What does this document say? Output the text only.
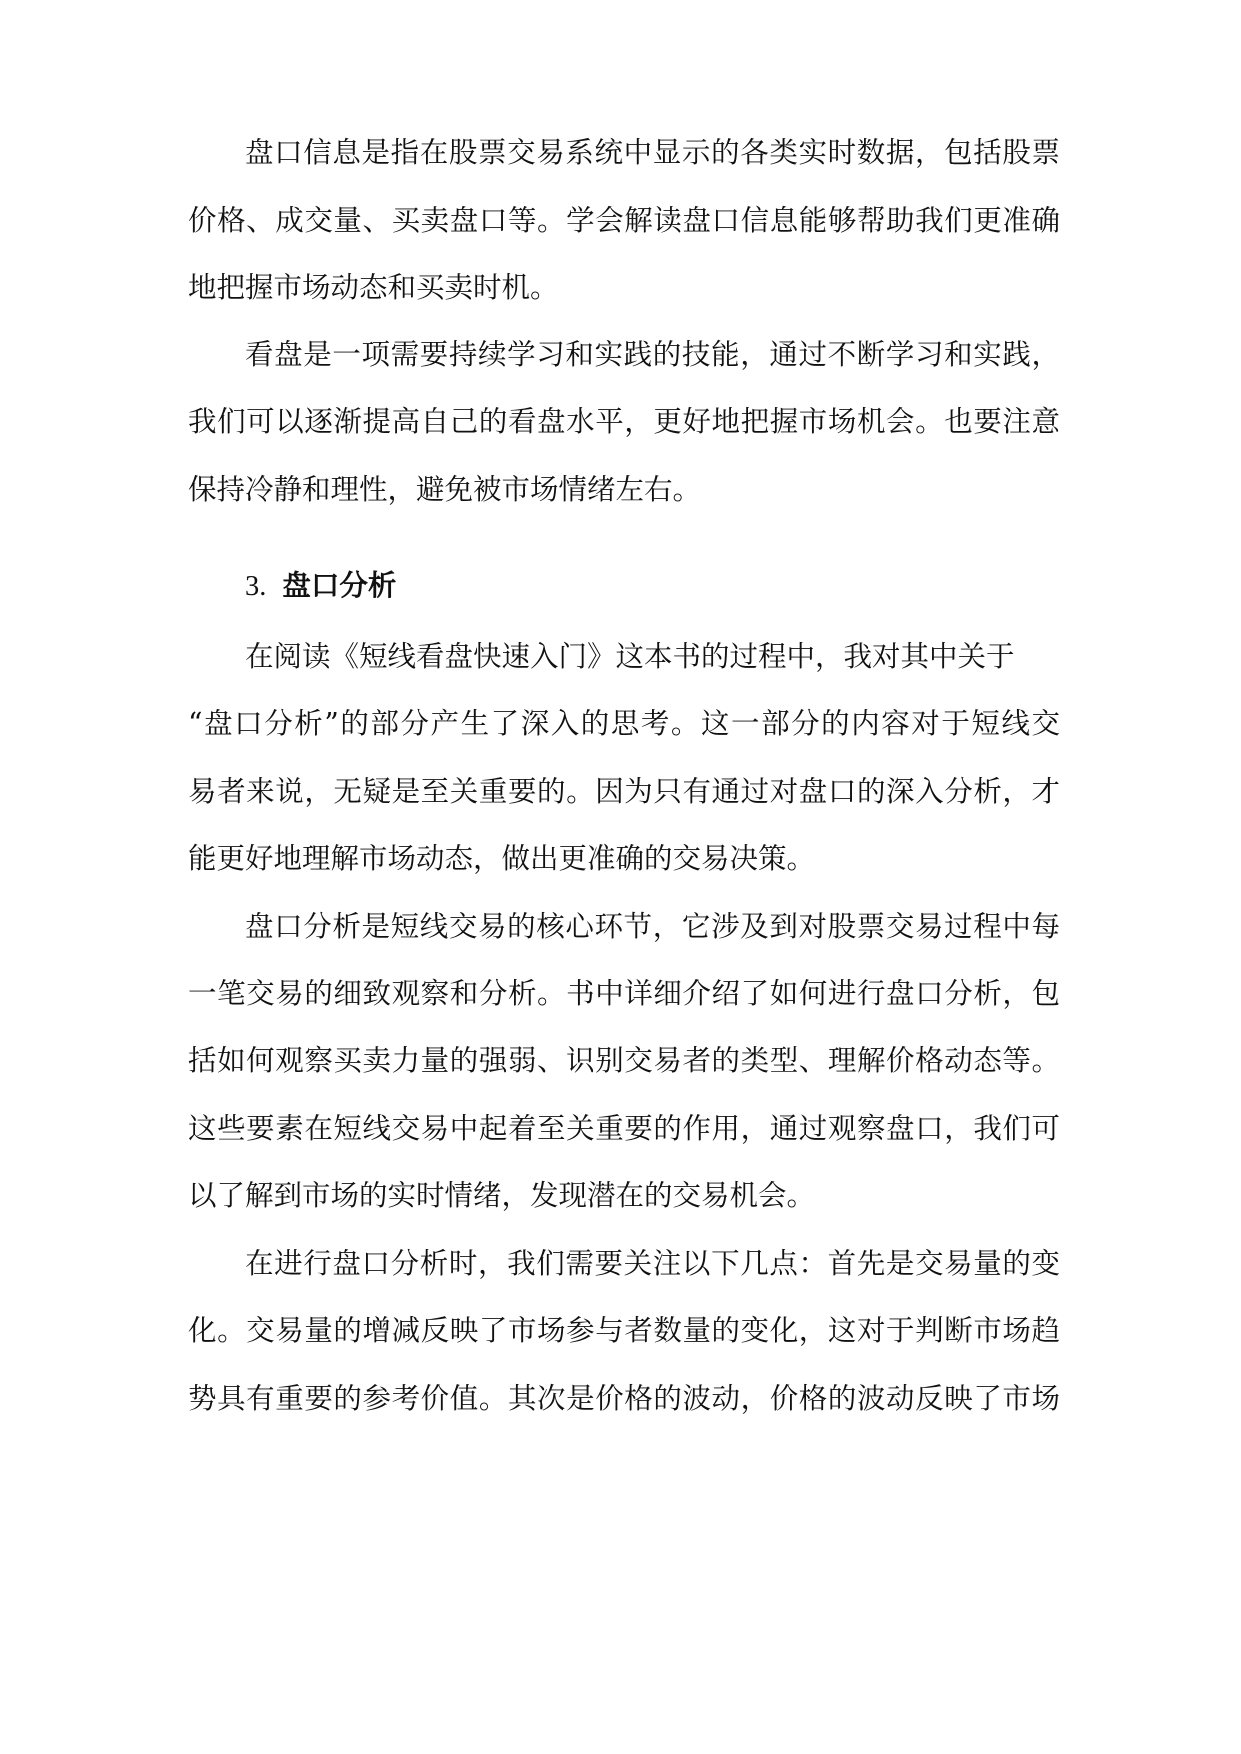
盘口信息是指在股票交易系统中显示的各类实时数据，包括股票
价格、成交量、买卖盘口等。学会解读盘口信息能够帮助我们更准确
地把握市场动态和买卖时机。
看盘是一项需要持续学习和实践的技能，通过不断学习和实践，
我们可以逐渐提高自己的看盘水平，更好地把握市场机会。也要注意
保持冷静和理性，避免被市场情绪左右。
3. 盘口分析
在阅读《短线看盘快速入门》这本书的过程中，我对其中关于
“盘口分析”的部分产生了深入的思考。这一部分的内容对于短线交
易者来说，无疑是至关重要的。因为只有通过对盘口的深入分析，才
能更好地理解市场动态，做出更准确的交易决策。
盘口分析是短线交易的核心环节，它涉及到对股票交易过程中每
一笔交易的细致观察和分析。书中详细介绍了如何进行盘口分析，包
括如何观察买卖力量的强弱、识别交易者的类型、理解价格动态等。
这些要素在短线交易中起着至关重要的作用，通过观察盘口，我们可
以了解到市场的实时情绪，发现潜在的交易机会。
在进行盘口分析时，我们需要关注以下几点：首先是交易量的变
化。交易量的增减反映了市场参与者数量的变化，这对于判断市场趋
势具有重要的参考价值。其次是价格的波动，价格的波动反映了市场
